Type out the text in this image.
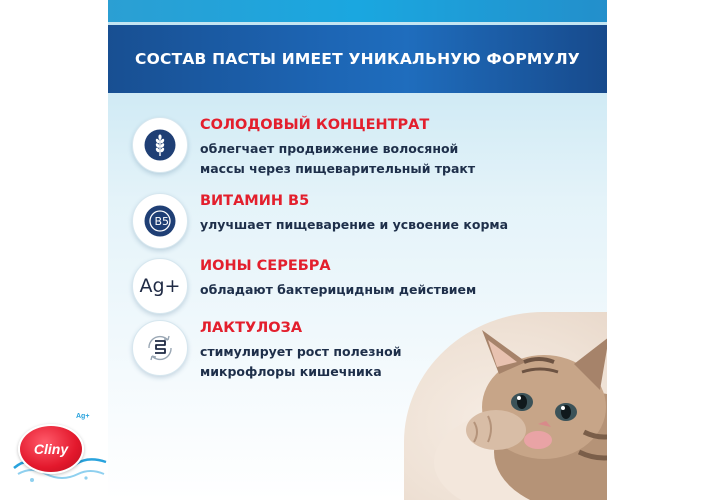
СОСТАВ ПАСТЫ ИМЕЕТ УНИКАЛЬНУЮ ФОРМУЛУ

СОЛОДОВЫЙ КОНЦЕНТРАТ

облегчает продвижение волосяной
массы через пищеварительный тракт

B5

ВИТАМИН В5

улучшает пищеварение и усвоение корма

Ag+

ИОНЫ СЕРЕБРА

обладают бактерицидным действием

ЛАКТУЛОЗА

стимулирует рост полезной
микрофлоры кишечника

Cliny
Ag+
